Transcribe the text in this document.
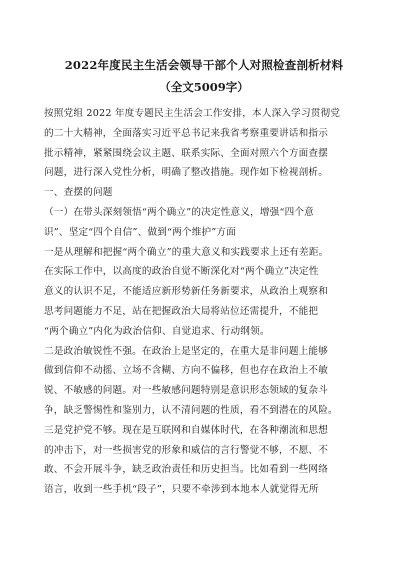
2022年度民主生活会领导干部个人对照检查剖析材料
（全文5009字）

按照党组 2022 年度专题民主生活会工作安排，本人深入学习贯彻党

的二十大精神，全面落实习近平总书记来我省考察重要讲话和指示

批示精神，紧紧围绕会议主题、联系实际、全面对照六个方面查摆

问题，进行深入党性分析，明确了整改措施。现作如下检视剖析。

一、查摆的问题

（一）在带头深刻领悟“两个确立”的决定性意义，增强“四个意

识”、坚定“四个自信”、做到“两个维护”方面

一是从理解和把握“两个确立”的重大意义和实践要求上还有差距。

在实际工作中，以高度的政治自觉不断深化对“两个确立”决定性

意义的认识不足，不能适应新形势新任务新要求，从政治上观察和

思考问题能力不足，站在把握政治大局将站位还需提升，不能把

“两个确立”内化为政治信仰、自觉追求、行动纲领。

二是政治敏锐性不强。在政治上是坚定的，在重大是非问题上能够

做到信仰不动摇、立场不含糊、方向不偏移，但也存在政治上不敏

锐、不敏感的问题。对一些敏感问题特别是意识形态领域的复杂斗

争，缺乏警惕性和鉴别力，认不清问题的性质，看不到潜在的风险。

三是党护党不够。现在是互联网和自媒体时代，在各种潮流和思想

的冲击下，对一些损害党的形象和威信的言行警觉不够，不愿、不

敢、不会开展斗争，缺乏政治责任和历史担当。比如看到一些网络

语言，收到一些手机“段子”，只要不牵涉到本地本人就觉得无所
